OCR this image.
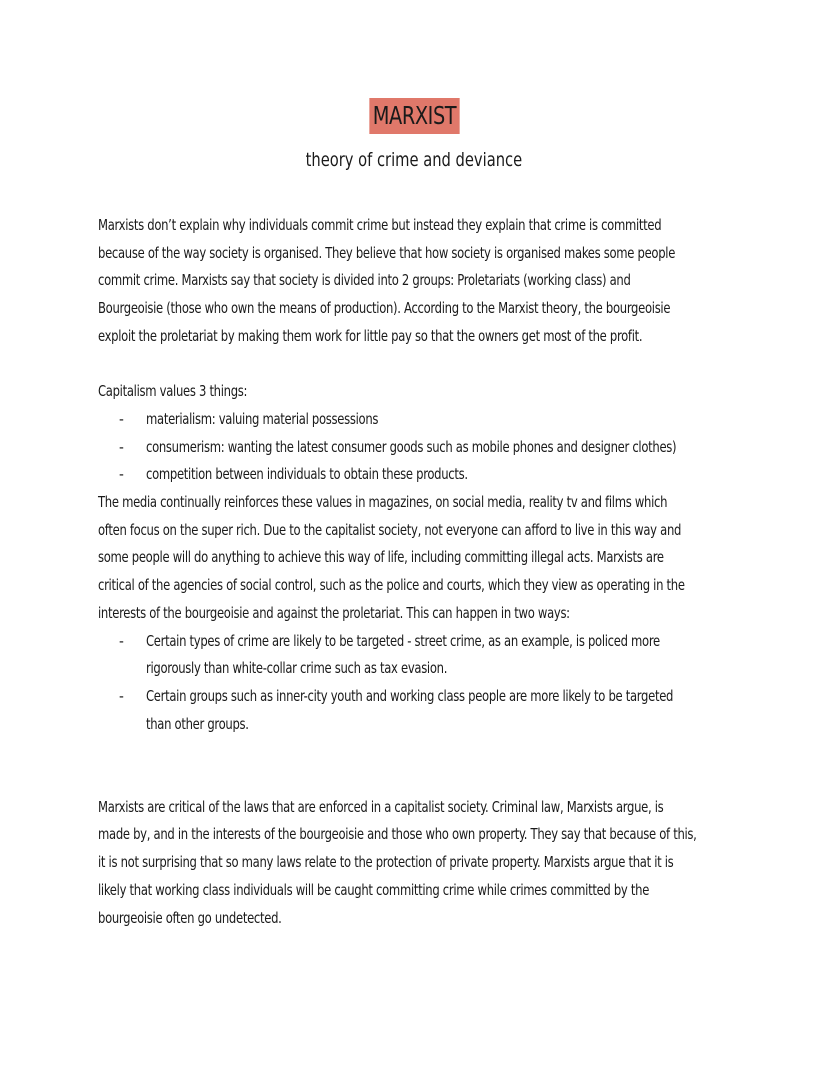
MARXIST
theory of crime and deviance

Marxists don’t explain why individuals commit crime but instead they explain that crime is committed
because of the way society is organised. They believe that how society is organised makes some people
commit crime. Marxists say that society is divided into 2 groups: Proletariats (working class) and
Bourgeoisie (those who own the means of production). According to the Marxist theory, the bourgeoisie
exploit the proletariat by making them work for little pay so that the owners get most of the profit.

Capitalism values 3 things:

- materialism: valuing material possessions
- consumerism: wanting the latest consumer goods such as mobile phones and designer clothes)
- competition between individuals to obtain these products.

The media continually reinforces these values in magazines, on social media, reality tv and films which
often focus on the super rich. Due to the capitalist society, not everyone can afford to live in this way and
some people will do anything to achieve this way of life, including committing illegal acts. Marxists are
critical of the agencies of social control, such as the police and courts, which they view as operating in the
interests of the bourgeoisie and against the proletariat. This can happen in two ways:

- Certain types of crime are likely to be targeted - street crime, as an example, is policed more
rigorously than white-collar crime such as tax evasion.
- Certain groups such as inner-city youth and working class people are more likely to be targeted
than other groups.

Marxists are critical of the laws that are enforced in a capitalist society. Criminal law, Marxists argue, is
made by, and in the interests of the bourgeoisie and those who own property. They say that because of this,
it is not surprising that so many laws relate to the protection of private property. Marxists argue that it is
likely that working class individuals will be caught committing crime while crimes committed by the
bourgeoisie often go undetected.
